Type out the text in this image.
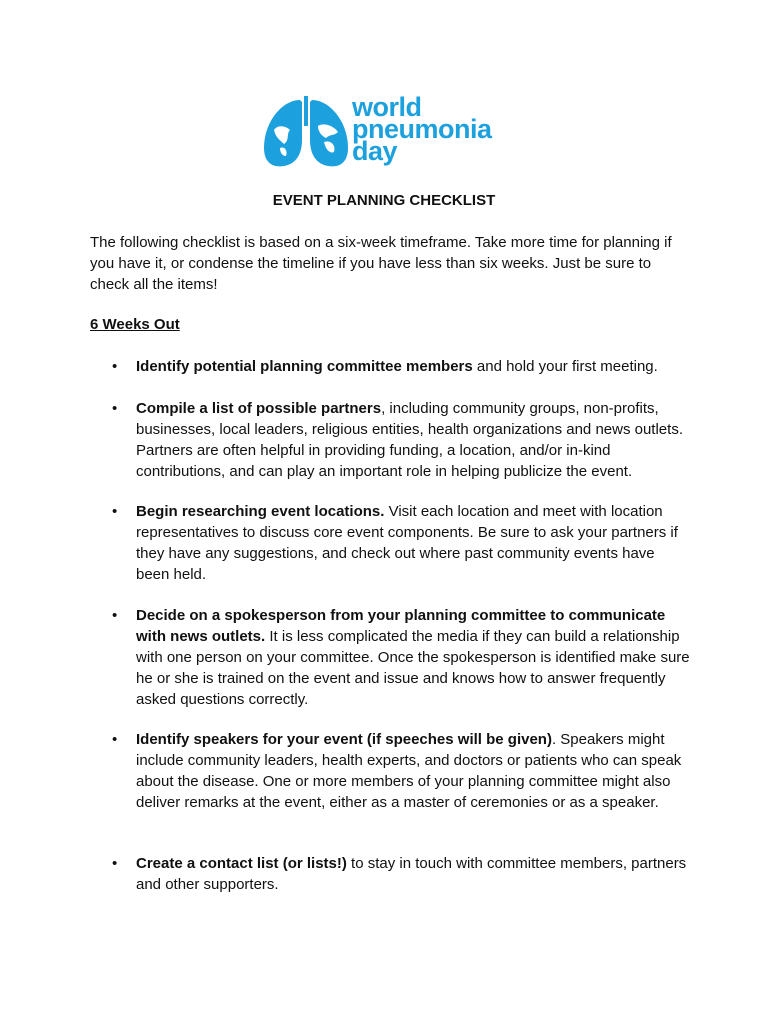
world
pneumonia
day
EVENT PLANNING CHECKLIST
The following checklist is based on a six-week timeframe. Take more time for planning if you have it, or condense the timeline if you have less than six weeks. Just be sure to check all the items!
6 Weeks Out
• Identify potential planning committee members and hold your first meeting.
• Compile a list of possible partners, including community groups, non-profits, businesses, local leaders, religious entities, health organizations and news outlets. Partners are often helpful in providing funding, a location, and/or in-kind contributions, and can play an important role in helping publicize the event.
• Begin researching event locations. Visit each location and meet with location representatives to discuss core event components. Be sure to ask your partners if they have any suggestions, and check out where past community events have been held.
• Decide on a spokesperson from your planning committee to communicate with news outlets. It is less complicated the media if they can build a relationship with one person on your committee. Once the spokesperson is identified make sure he or she is trained on the event and issue and knows how to answer frequently asked questions correctly.
• Identify speakers for your event (if speeches will be given). Speakers might include community leaders, health experts, and doctors or patients who can speak about the disease. One or more members of your planning committee might also deliver remarks at the event, either as a master of ceremonies or as a speaker.
• Create a contact list (or lists!) to stay in touch with committee members, partners and other supporters.
